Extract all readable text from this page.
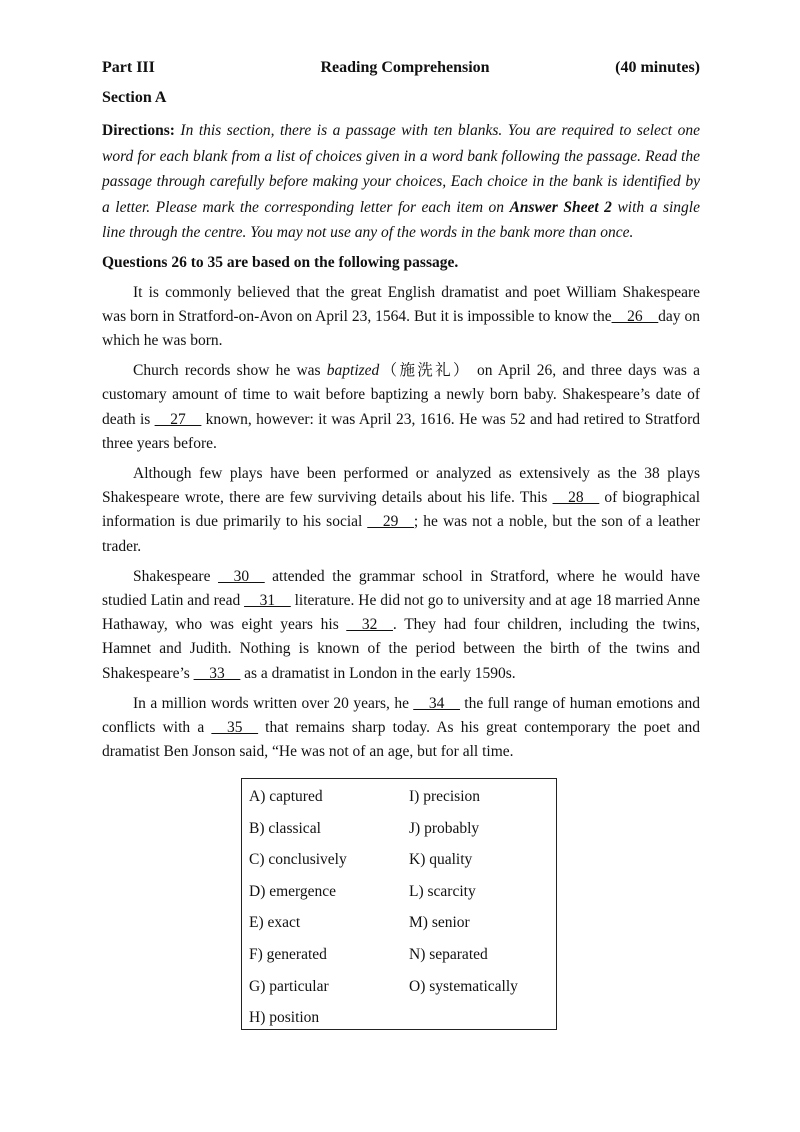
Part III	Reading Comprehension	(40 minutes)
Section A
Directions: In this section, there is a passage with ten blanks. You are required to select one word for each blank from a list of choices given in a word bank following the passage. Read the passage through carefully before making your choices, Each choice in the bank is identified by a letter. Please mark the corresponding letter for each item on Answer Sheet 2 with a single line through the centre. You may not use any of the words in the bank more than once.
Questions 26 to 35 are based on the following passage.

It is commonly believed that the great English dramatist and poet William Shakespeare was born in Stratford-on-Avon on April 23, 1564. But it is impossible to know the__26__day on which he was born.

Church records show he was baptized（施洗礼） on April 26, and three days was a customary amount of time to wait before baptizing a newly born baby. Shakespeare’s date of death is __27__ known, however: it was April 23, 1616. He was 52 and had retired to Stratford three years before.

Although few plays have been performed or analyzed as extensively as the 38 plays Shakespeare wrote, there are few surviving details about his life. This __28__ of biographical information is due primarily to his social __29__; he was not a noble, but the son of a leather trader.

Shakespeare __30__ attended the grammar school in Stratford, where he would have studied Latin and read __31__ literature. He did not go to university and at age 18 married Anne Hathaway, who was eight years his __32__. They had four children, including the twins, Hamnet and Judith. Nothing is known of the period between the birth of the twins and Shakespeare’s __33__ as a dramatist in London in the early 1590s.

In a million words written over 20 years, he __34__ the full range of human emotions and conflicts with a __35__ that remains sharp today. As his great contemporary the poet and dramatist Ben Jonson said, “He was not of an age, but for all time.

A) captured	I) precision
B) classical	J) probably
C) conclusively	K) quality
D) emergence	L) scarcity
E) exact	M) senior
F) generated	N) separated
G) particular	O) systematically
H) position
